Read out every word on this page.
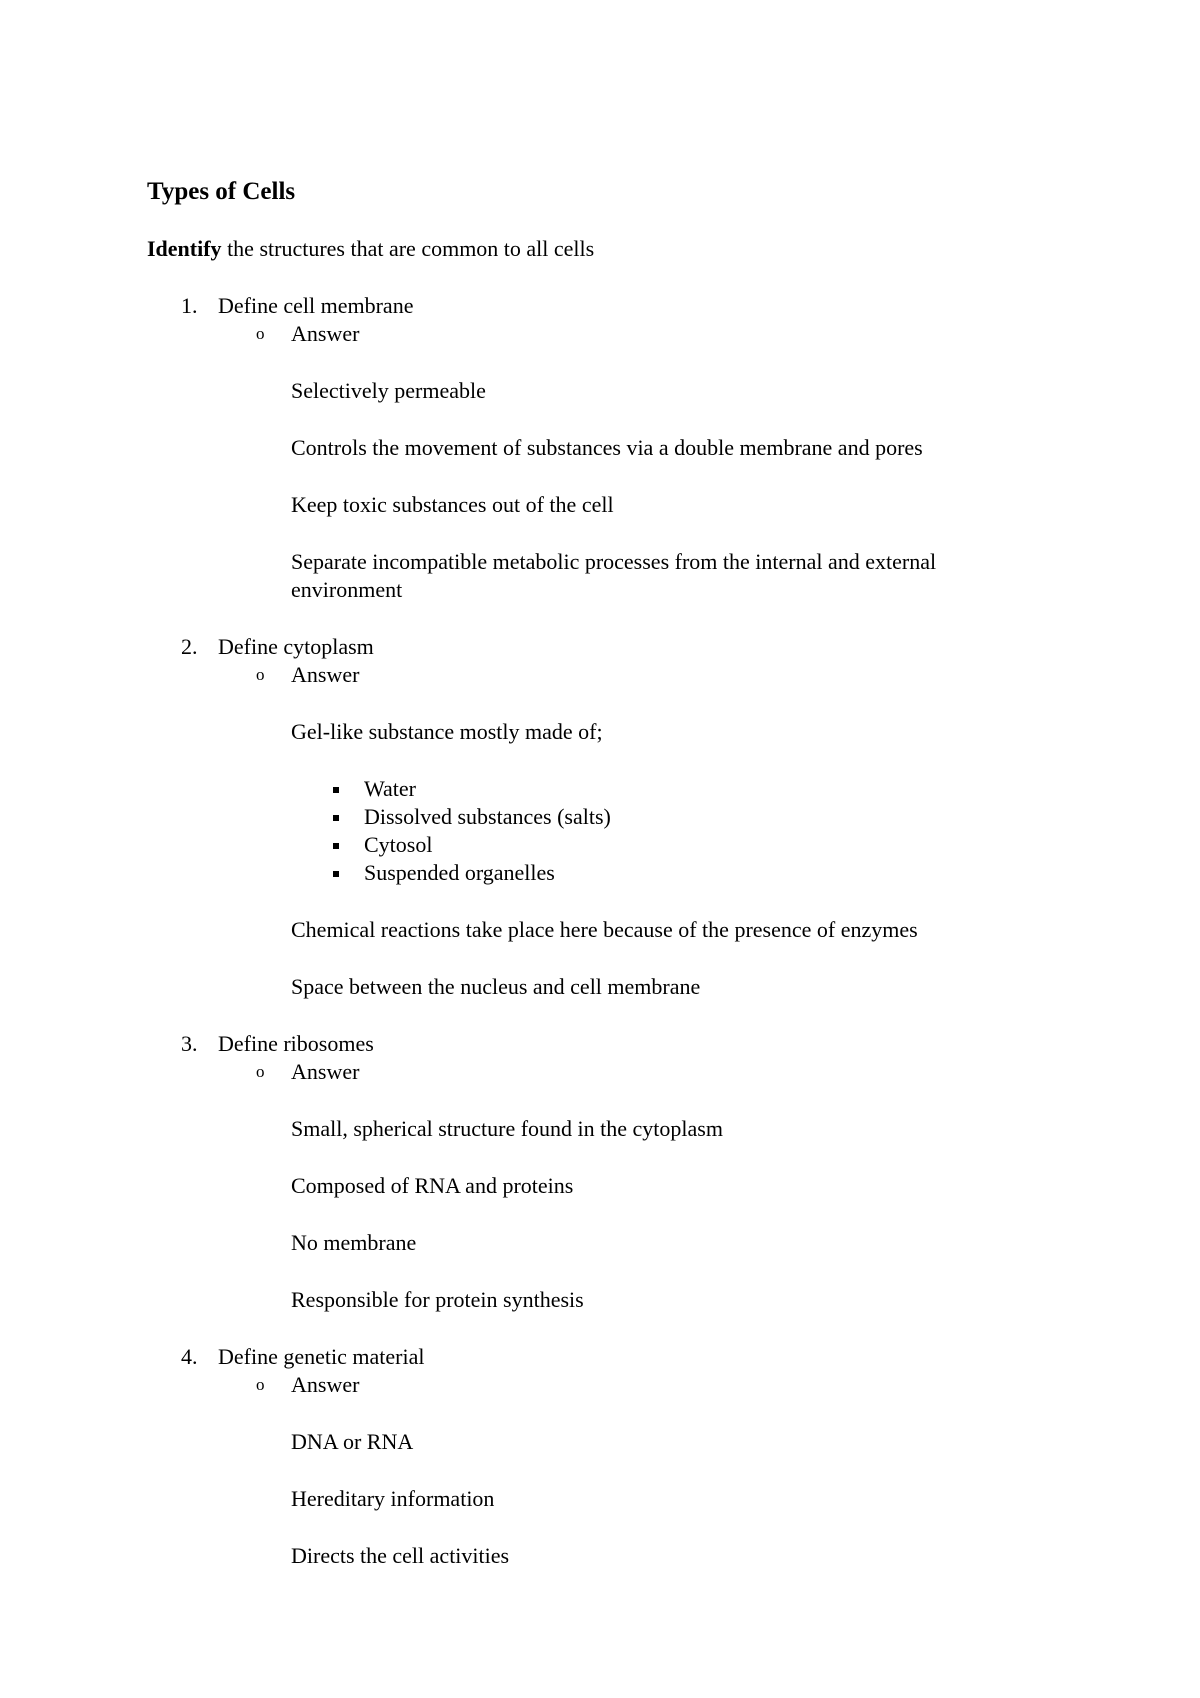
Types of Cells

Identify the structures that are common to all cells

1. Define cell membrane
o Answer
Selectively permeable
Controls the movement of substances via a double membrane and pores
Keep toxic substances out of the cell
Separate incompatible metabolic processes from the internal and external environment
2. Define cytoplasm
o Answer
Gel-like substance mostly made of;
Water
Dissolved substances (salts)
Cytosol
Suspended organelles
Chemical reactions take place here because of the presence of enzymes
Space between the nucleus and cell membrane
3. Define ribosomes
o Answer
Small, spherical structure found in the cytoplasm
Composed of RNA and proteins
No membrane
Responsible for protein synthesis
4. Define genetic material
o Answer
DNA or RNA
Hereditary information
Directs the cell activities
